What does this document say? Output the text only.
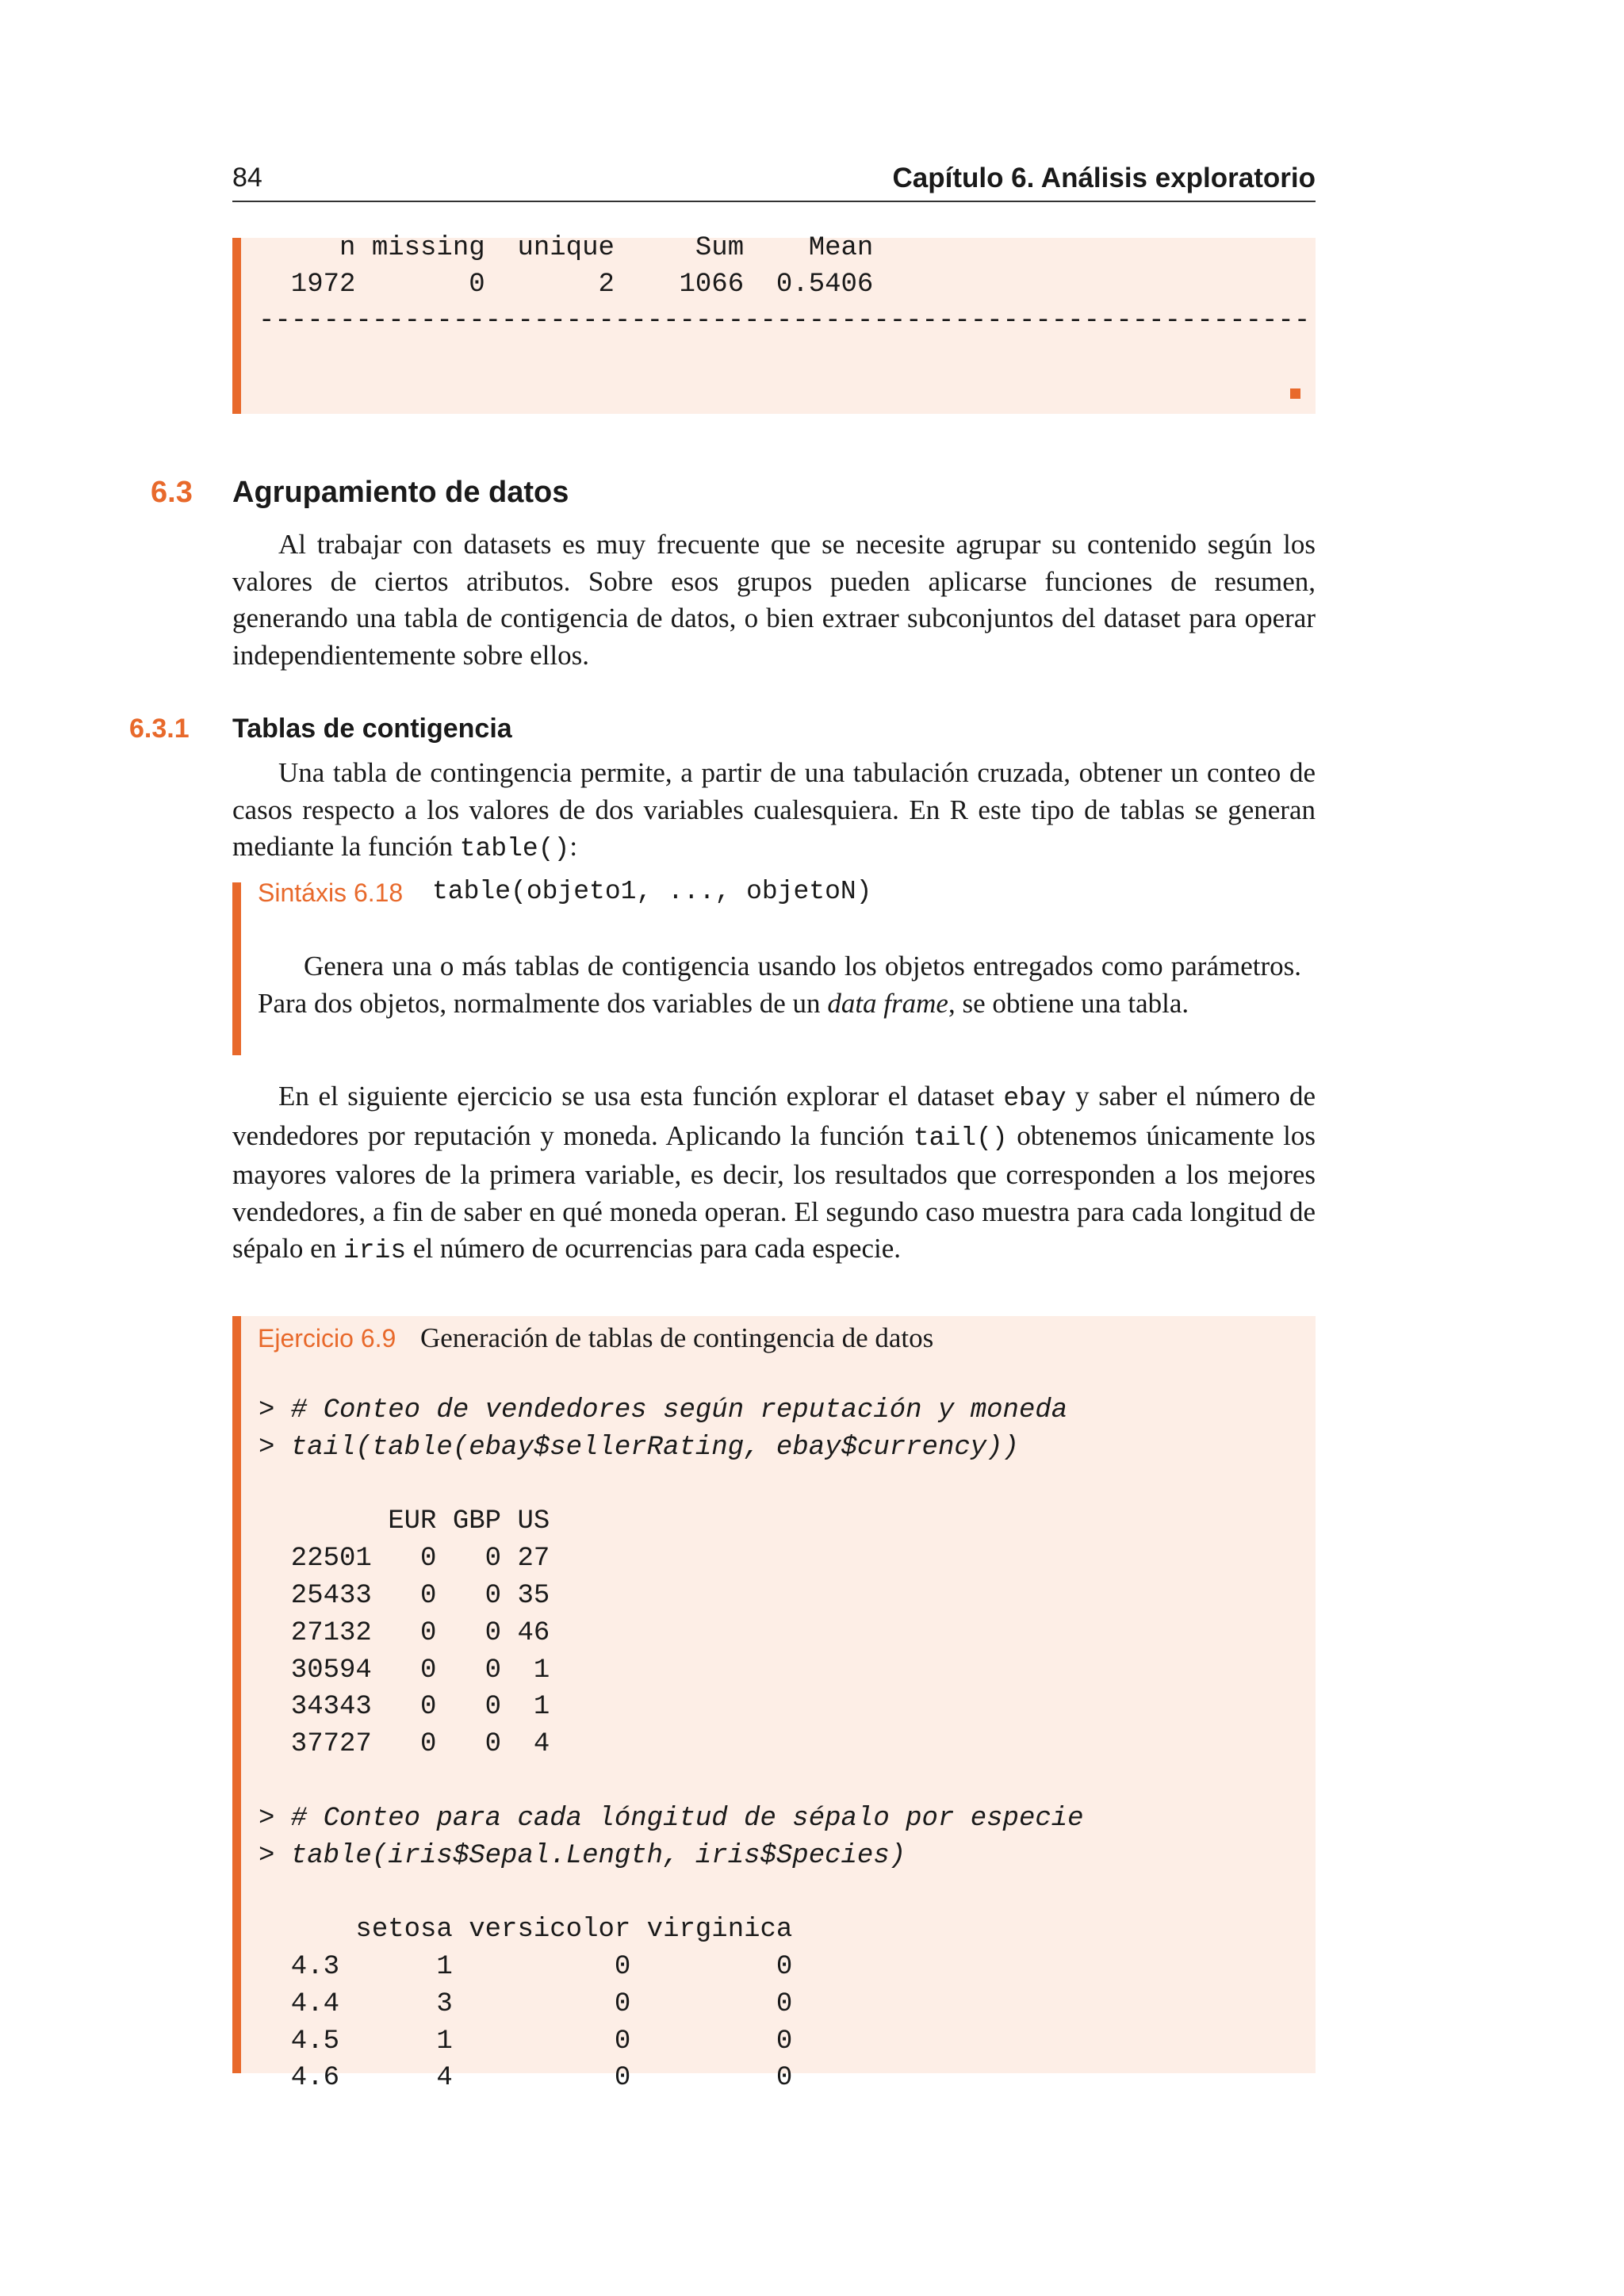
84	Capítulo 6. Análisis exploratorio
n missing  unique     Sum    Mean
1972       0       2    1066  0.5406
-----------------------------------------------------------------
6.3 Agrupamiento de datos

Al trabajar con datasets es muy frecuente que se necesite agrupar su contenido según los valores de ciertos atributos. Sobre esos grupos pueden aplicarse funciones de resumen, generando una tabla de contigencia de datos, o bien extraer subconjuntos del dataset para operar independientemente sobre ellos.

6.3.1 Tablas de contigencia

Una tabla de contingencia permite, a partir de una tabulación cruzada, obtener un conteo de casos respecto a los valores de dos variables cualesquiera. En R este tipo de tablas se generan mediante la función table():

Sintáxis 6.18 table(objeto1, ..., objetoN)

Genera una o más tablas de contigencia usando los objetos entregados como parámetros. Para dos objetos, normalmente dos variables de un data frame, se obtiene una tabla.

En el siguiente ejercicio se usa esta función explorar el dataset ebay y saber el número de vendedores por reputación y moneda. Aplicando la función tail() obtenemos únicamente los mayores valores de la primera variable, es decir, los resultados que corresponden a los mejores vendedores, a fin de saber en qué moneda operan. El segundo caso muestra para cada longitud de sépalo en iris el número de ocurrencias para cada especie.

Ejercicio 6.9 Generación de tablas de contingencia de datos
> # Conteo de vendedores según reputación y moneda
> tail(table(ebay$sellerRating, ebay$currency))
EUR GBP US
22501   0   0 27
25433   0   0 35
27132   0   0 46
30594   0   0  1
34343   0   0  1
37727   0   0  4
> # Conteo para cada lóngitud de sépalo por especie
> table(iris$Sepal.Length, iris$Species)
setosa versicolor virginica
4.3      1          0         0
4.4      3          0         0
4.5      1          0         0
4.6      4          0         0
